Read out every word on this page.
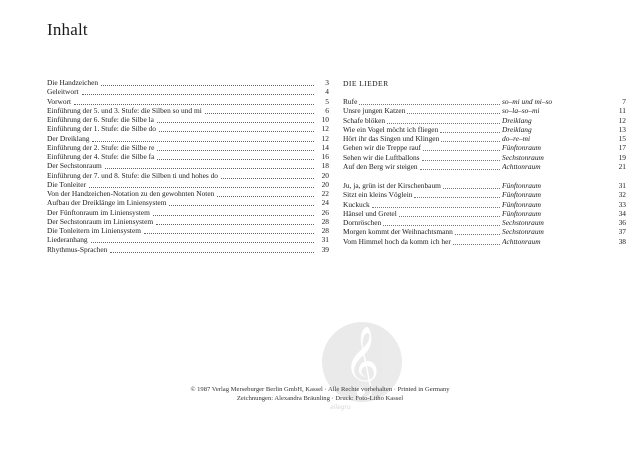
Inhalt
Die Handzeichen	3
Geleitwort	4
Vorwort	5
Einführung der 5. und 3. Stufe: die Silben so und mi	6
Einführung der 6. Stufe: die Silbe la	10
Einführung der 1. Stufe: die Silbe do	12
Der Dreiklang	12
Einführung der 2. Stufe: die Silbe re	14
Einführung der 4. Stufe: die Silbe fa	16
Der Sechstonraum	18
Einführung der 7. und 8. Stufe: die Silben ti und hohes do	20
Die Tonleiter	20
Von der Handzeichen-Notation zu den gewohnten Noten	22
Aufbau der Dreiklänge im Liniensystem	24
Der Fünftonraum im Liniensystem	26
Der Sechstonraum im Liniensystem	28
Die Tonleitern im Liniensystem	28
Liederanhang	31
Rhythmus-Sprachen	39
DIE LIEDER
Rufe	so–mi und mi–so	7
Unsre jungen Katzen	so–la–so–mi	11
Schafe blöken	Dreiklang	12
Wie ein Vogel möcht ich fliegen	Dreiklang	13
Hört ihr das Singen und Klingen	do–re–mi	15
Gehen wir die Treppe rauf	Fünftonraum	17
Sehen wir die Luftballons	Sechstonraum	19
Auf den Berg wir steigen	Achttonraum	21
Ju, ja, grün ist der Kirschenbaum	Fünftonraum	31
Sitzt ein kleins Vöglein	Fünftonraum	32
Kuckuck	Fünftonraum	33
Hänsel und Gretel	Fünftonraum	34
Dornröschen	Sechstonraum	36
Morgen kommt der Weihnachtsmann	Sechstonraum	37
Vom Himmel hoch da komm ich her	Achttonraum	38
𝄞
allegro
© 1987 Verlag Merseburger Berlin GmbH, Kassel · Alle Rechte vorbehalten · Printed in Germany
Zeichnungen: Alexandra Bräunling · Druck: Foto-Litho Kassel
